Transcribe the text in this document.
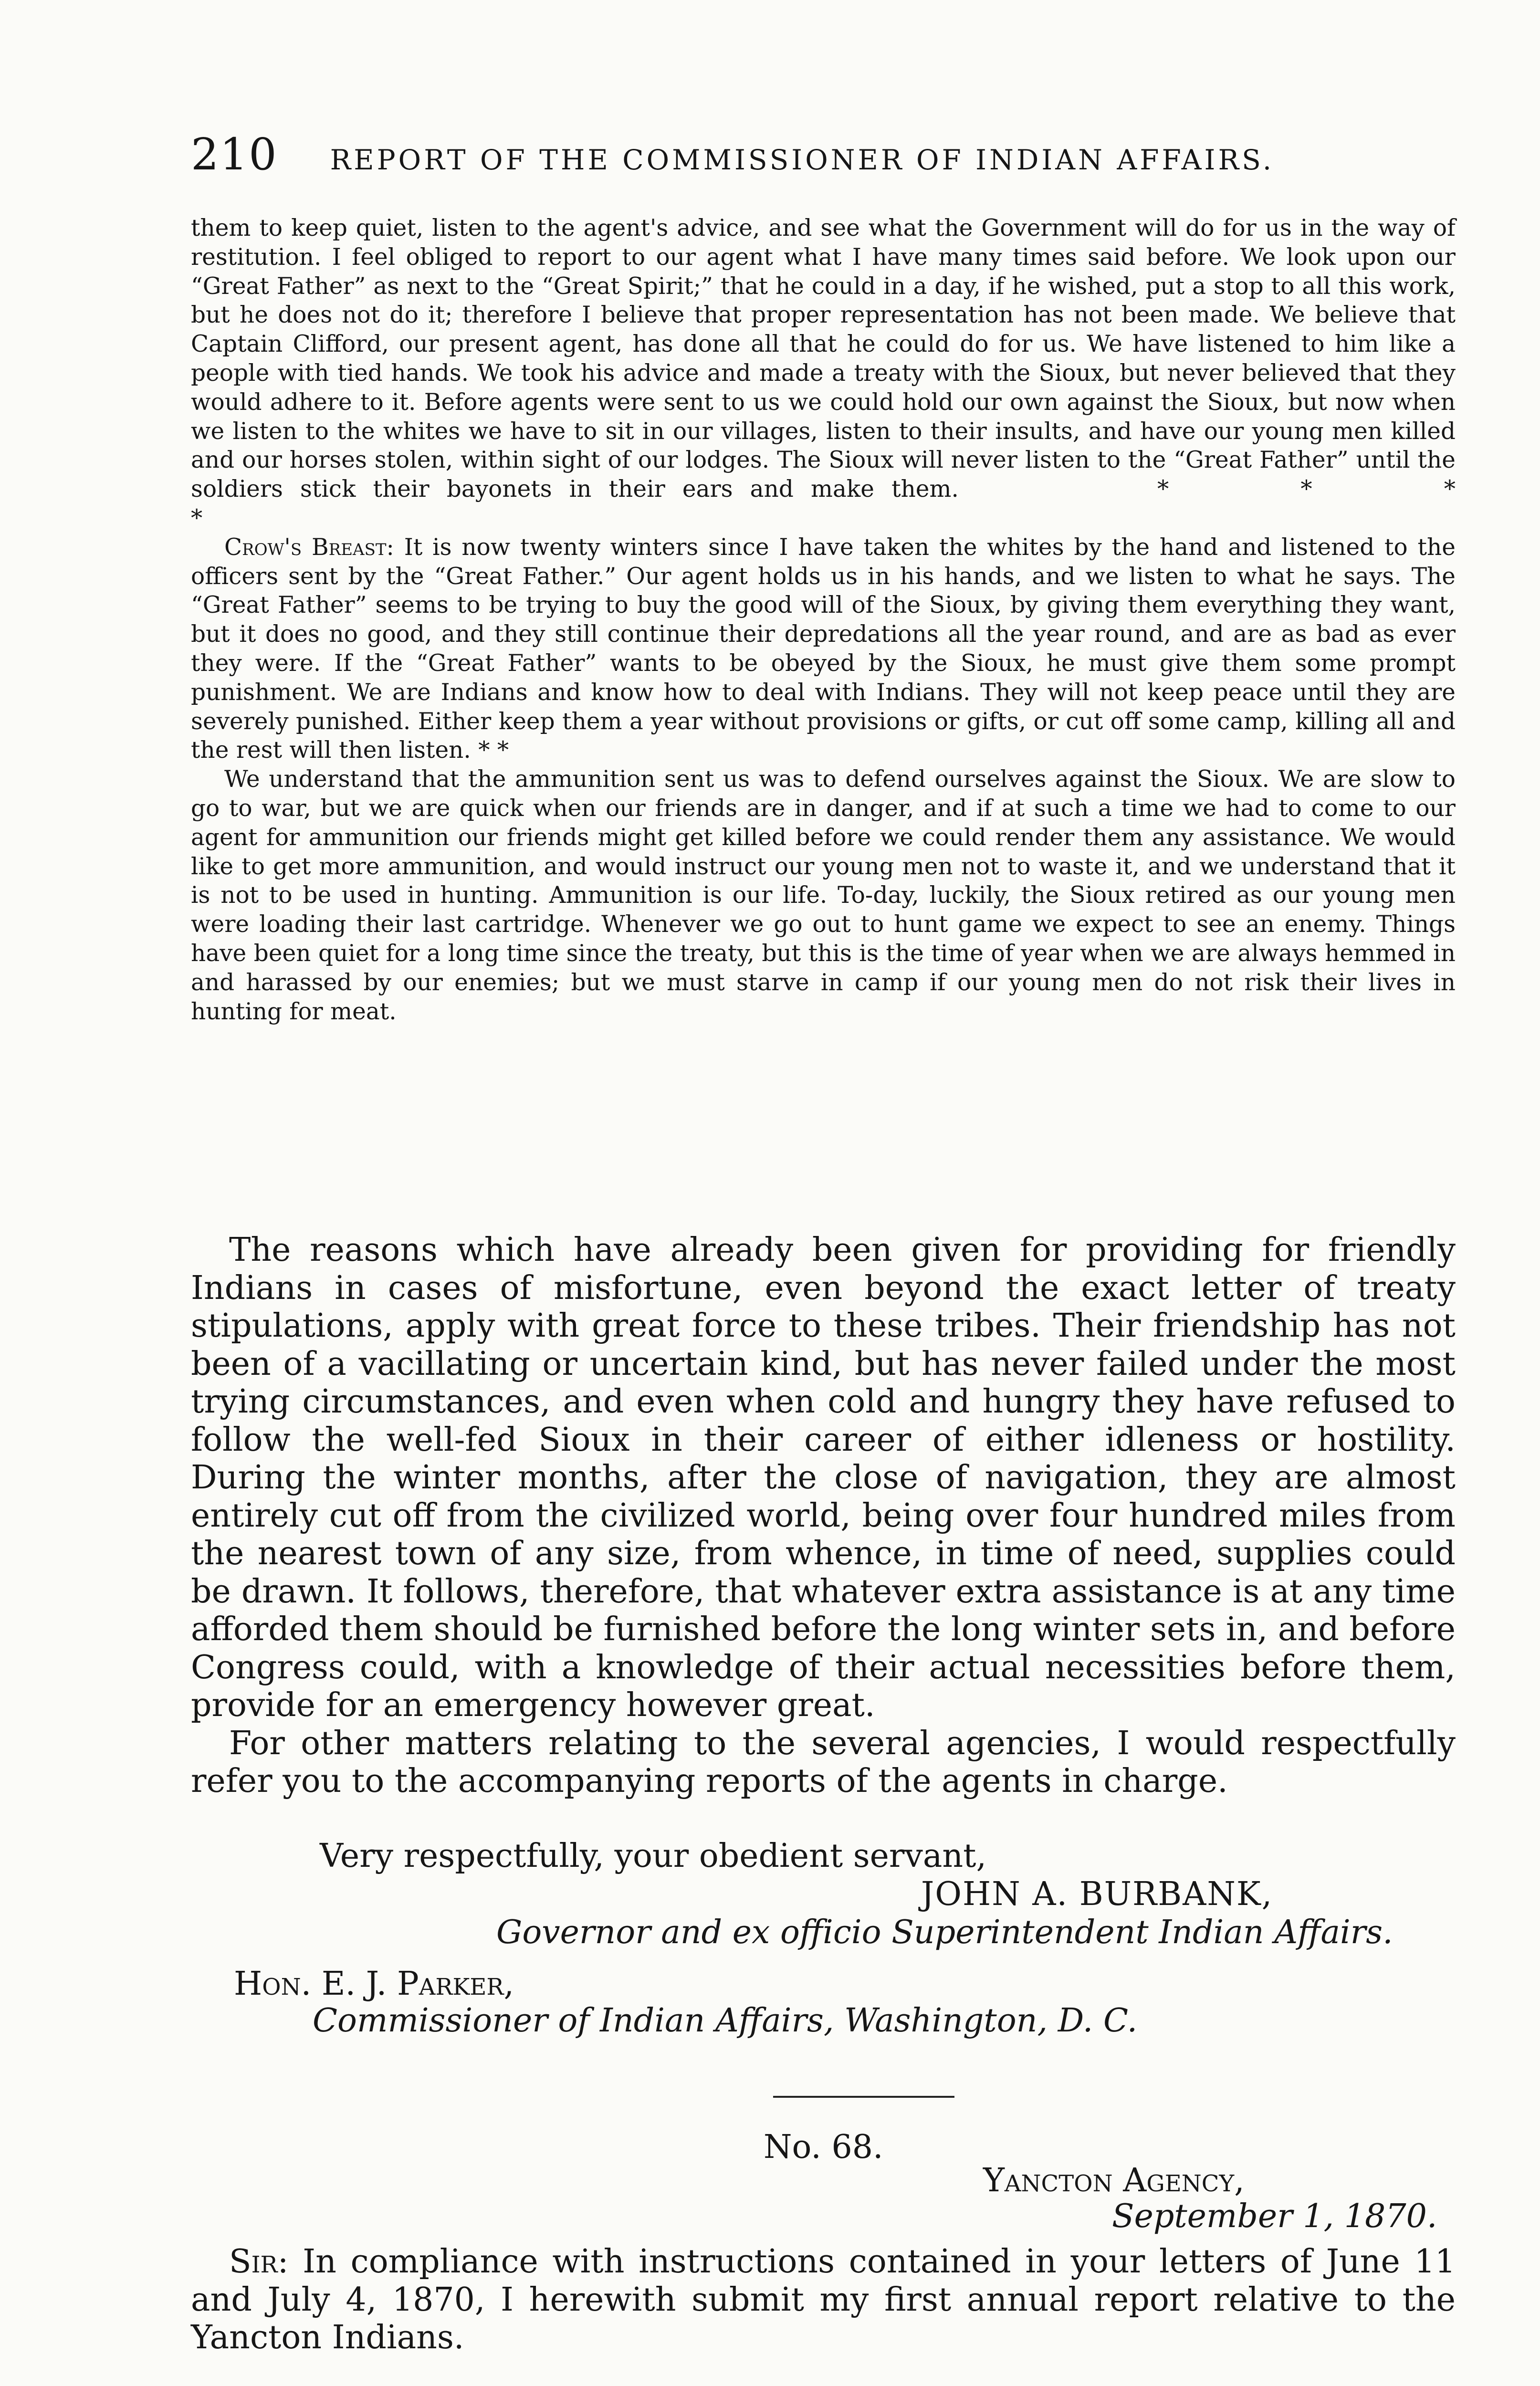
210 REPORT OF THE COMMISSIONER OF INDIAN AFFAIRS.

them to keep quiet, listen to the agent's advice, and see what the Government will do for us in the way of restitution. I feel obliged to report to our agent what I have many times said before. We look upon our “Great Father” as next to the “Great Spirit;” that he could in a day, if he wished, put a stop to all this work, but he does not do it; therefore I believe that proper representation has not been made. We believe that Captain Clifford, our present agent, has done all that he could do for us. We have listened to him like a people with tied hands. We took his advice and made a treaty with the Sioux, but never believed that they would adhere to it. Before agents were sent to us we could hold our own against the Sioux, but now when we listen to the whites we have to sit in our villages, listen to their insults, and have our young men killed and our horses stolen, within sight of our lodges. The Sioux will never listen to the “Great Father” until the soldiers stick their bayonets in their ears and make them.	* * * *

Crow's Breast: It is now twenty winters since I have taken the whites by the hand and listened to the officers sent by the “Great Father.” Our agent holds us in his hands, and we listen to what he says. The “Great Father” seems to be trying to buy the good will of the Sioux, by giving them everything they want, but it does no good, and they still continue their depredations all the year round, and are as bad as ever they were. If the “Great Father” wants to be obeyed by the Sioux, he must give them some prompt punishment. We are Indians and know how to deal with Indians. They will not keep peace until they are severely punished. Either keep them a year without provisions or gifts, or cut off some camp, killing all and the rest will then listen. * *

We understand that the ammunition sent us was to defend ourselves against the Sioux. We are slow to go to war, but we are quick when our friends are in danger, and if at such a time we had to come to our agent for ammunition our friends might get killed before we could render them any assistance. We would like to get more ammunition, and would instruct our young men not to waste it, and we understand that it is not to be used in hunting. Ammunition is our life. To-day, luckily, the Sioux retired as our young men were loading their last cartridge. Whenever we go out to hunt game we expect to see an enemy. Things have been quiet for a long time since the treaty, but this is the time of year when we are always hemmed in and harassed by our enemies; but we must starve in camp if our young men do not risk their lives in hunting for meat.

The reasons which have already been given for providing for friendly Indians in cases of misfortune, even beyond the exact letter of treaty stipulations, apply with great force to these tribes. Their friendship has not been of a vacillating or uncertain kind, but has never failed under the most trying circumstances, and even when cold and hungry they have refused to follow the well-fed Sioux in their career of either idleness or hostility. During the winter months, after the close of navigation, they are almost entirely cut off from the civilized world, being over four hundred miles from the nearest town of any size, from whence, in time of need, supplies could be drawn. It follows, therefore, that whatever extra assistance is at any time afforded them should be furnished before the long winter sets in, and before Congress could, with a knowledge of their actual necessities before them, provide for an emergency however great.

For other matters relating to the several agencies, I would respectfully refer you to the accompanying reports of the agents in charge.

Very respectfully, your obedient servant,
JOHN A. BURBANK,
Governor and ex officio Superintendent Indian Affairs.
Hon. E. J. Parker,
Commissioner of Indian Affairs, Washington, D. C.
No. 68.
Yancton Agency,
September 1, 1870.

Sir: In compliance with instructions contained in your letters of June 11 and July 4, 1870, I herewith submit my first annual report relative to the Yancton Indians.
